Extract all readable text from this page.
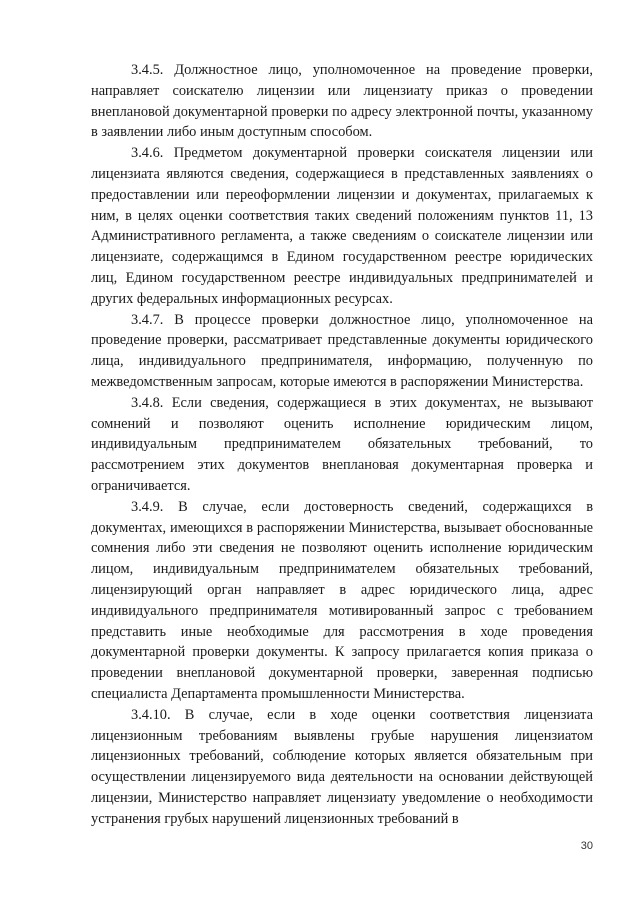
3.4.5. Должностное лицо, уполномоченное на проведение проверки, направляет соискателю лицензии или лицензиату приказ о проведении внеплановой документарной проверки по адресу электронной почты, указанному в заявлении либо иным доступным способом.

3.4.6. Предметом документарной проверки соискателя лицензии или лицензиата являются сведения, содержащиеся в представленных заявлениях о предоставлении или переоформлении лицензии и документах, прилагаемых к ним, в целях оценки соответствия таких сведений положениям пунктов 11, 13 Административного регламента, а также сведениям о соискателе лицензии или лицензиате, содержащимся в Едином государственном реестре юридических лиц, Едином государственном реестре индивидуальных предпринимателей и других федеральных информационных ресурсах.

3.4.7. В процессе проверки должностное лицо, уполномоченное на проведение проверки, рассматривает представленные документы юридического лица, индивидуального предпринимателя, информацию, полученную по межведомственным запросам, которые имеются в распоряжении Министерства.

3.4.8. Если сведения, содержащиеся в этих документах, не вызывают сомнений и позволяют оценить исполнение юридическим лицом, индивидуальным предпринимателем обязательных требований, то рассмотрением этих документов внеплановая документарная проверка и ограничивается.

3.4.9. В случае, если достоверность сведений, содержащихся в документах, имеющихся в распоряжении Министерства, вызывает обоснованные сомнения либо эти сведения не позволяют оценить исполнение юридическим лицом, индивидуальным предпринимателем обязательных требований, лицензирующий орган направляет в адрес юридического лица, адрес индивидуального предпринимателя мотивированный запрос с требованием представить иные необходимые для рассмотрения в ходе проведения документарной проверки документы. К запросу прилагается копия приказа о проведении внеплановой документарной проверки, заверенная подписью специалиста Департамента промышленности Министерства.

3.4.10. В случае, если в ходе оценки соответствия лицензиата лицензионным требованиям выявлены грубые нарушения лицензиатом лицензионных требований, соблюдение которых является обязательным при осуществлении лицензируемого вида деятельности на основании действующей лицензии, Министерство направляет лицензиату уведомление о необходимости устранения грубых нарушений лицензионных требований в

30
